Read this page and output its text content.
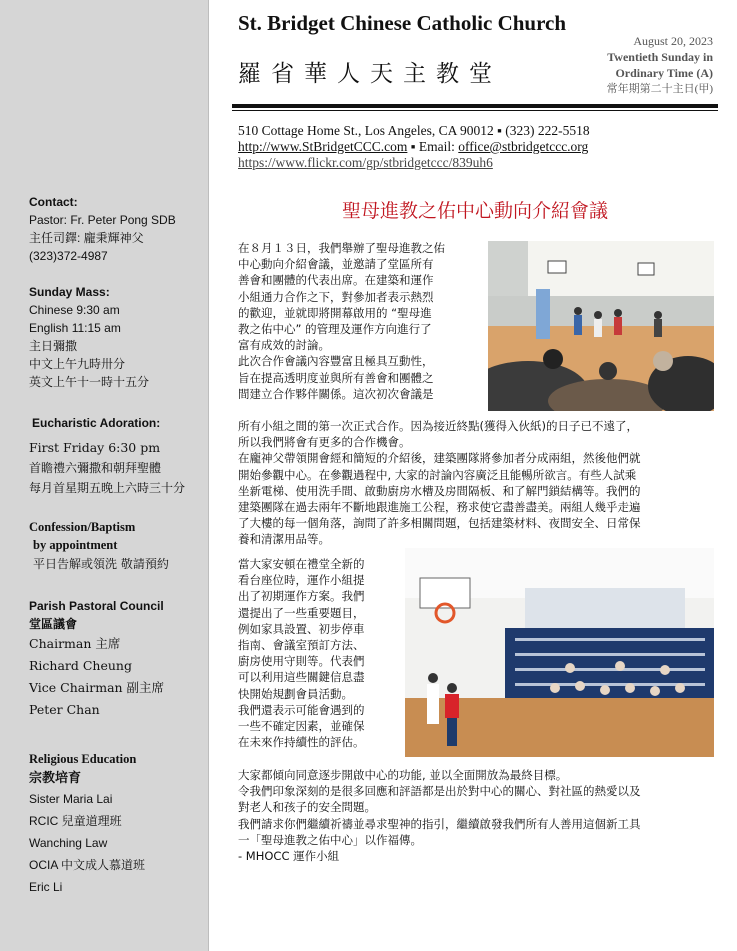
Contact:
Pastor: Fr. Peter Pong SDB
主任司鐸: 龐秉輝神父
(323)372-4987
Sunday Mass:
Chinese 9:30 am
English 11:15 am
主日彌撒
中文上午九時卅分
英文上午十一時十五分
Eucharistic Adoration:
First Friday 6:30 pm
首瞻禮六彌撒和朝拜聖體
每月首星期五晚上六時三十分
Confession/Baptism
by appointment
平日告解或領洗 敬請預約
Parish Pastoral Council
堂區議會
Chairman 主席
Richard Cheung
Vice Chairman 副主席
Peter Chan
Religious Education
宗教培育
Sister Maria Lai
RCIC 兒童道理班
Wanching Law
OCIA 中文成人慕道班
Eric Li
St. Bridget Chinese Catholic Church
羅省華人天主教堂
August 20, 2023
Twentieth Sunday in
Ordinary Time (A)
常年期第二十主日(甲)
510 Cottage Home St., Los Angeles, CA 90012 ▪ (323) 222-5518
http://www.StBridgetCCC.com ▪ Email: office@stbridgetccc.org
https://www.flickr.com/gp/stbridgetccc/839uh6
聖母進教之佑中心動向介紹會議
在８月１３日，我們舉辦了聖母進教之佑
中心動向介紹會議，並邀請了堂區所有
善會和團體的代表出席。在建築和運作
小組通力合作之下，對參加者表示熱烈
的歡迎，並就即將開幕啟用的 “聖母進
教之佑中心” 的管理及運作方向進行了
富有成效的討論。
此次合作會議內容豐富且極具互動性，
旨在提高透明度並與所有善會和團體之
間建立合作夥伴關係。這次初次會議是
所有小組之間的第一次正式合作。因為接近終點(獲得入伙紙)的日子已不遠了，
所以我們將會有更多的合作機會。
在龐神父帶領開會經和簡短的介紹後，建築團隊將參加者分成兩組，然後他們就
開始參觀中心。在參觀過程中, 大家的討論內容廣泛且能暢所欲言。有些人試乘
坐新電梯、使用洗手間、啟動廚房水槽及房間隔板、和了解門鎖結構等。我們的
建築團隊在過去兩年不斷地跟進施工公程，務求使它盡善盡美。兩組人幾乎走遍
了大樓的每一個角落，詢問了許多相關問題，包括建築材料、夜間安全、日常保
養和清潔用品等。
當大家安頓在禮堂全新的
看台座位時，運作小組提
出了初期運作方案。我們
還提出了一些重要題目，
例如家具設置、初步停車
指南、會議室預訂方法、
廚房使用守則等。代表們
可以利用這些關鍵信息盡
快開始規劃會員活動。
我們還表示可能會遇到的
一些不確定因素，並確保
在未來作持續性的評估。
大家都傾向同意逐步開啟中心的功能, 並以全面開放為最終目標。
令我們印象深刻的是很多回應和評語都是出於對中心的關心、對社區的熱愛以及
對老人和孩子的安全問題。
我們請求你們繼續祈禱並尋求聖神的指引，繼續啟發我們所有人善用這個新工具
一「聖母進教之佑中心」以作福傳。
- MHOCC 運作小組
